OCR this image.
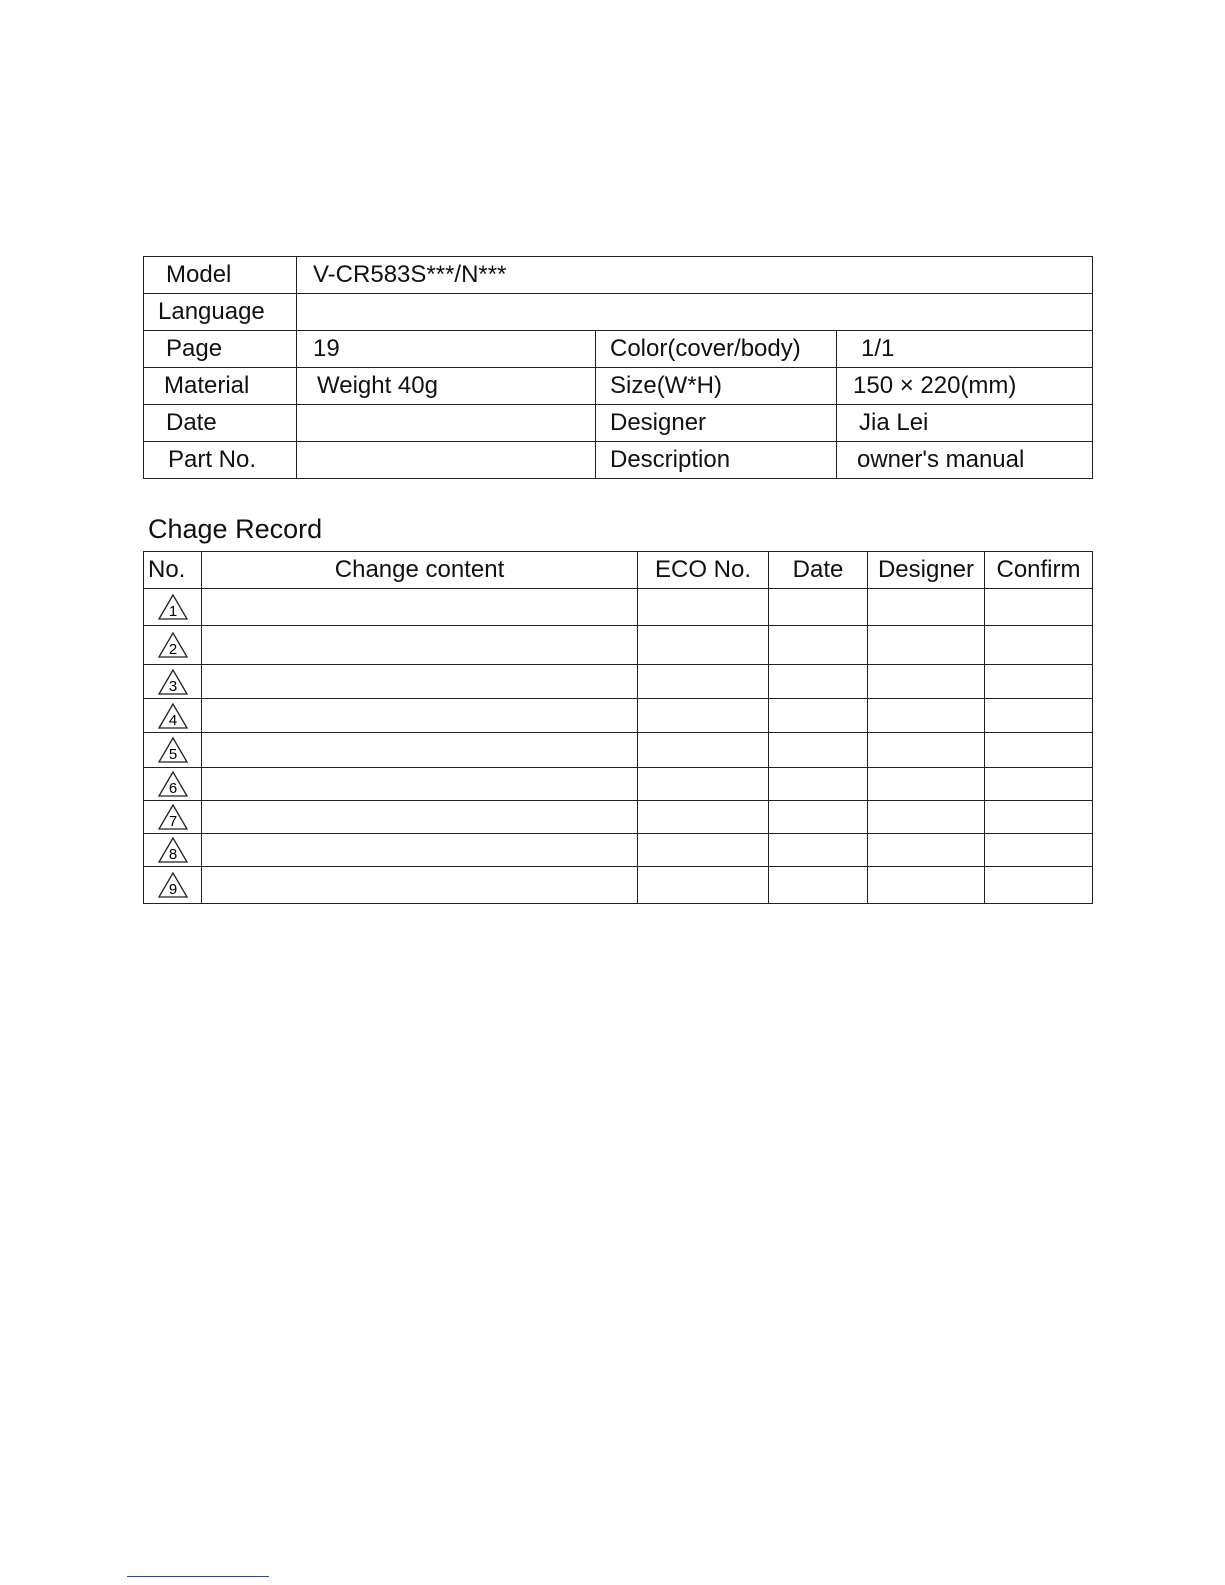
Model	V-CR583S***/N***		
Language			
Page	19	Color(cover/body)	1/1
Material	Weight 40g	Size(W*H)	150 × 220(mm)
Date		Designer	Jia Lei
Part No.		Description	owner's manual
Chage Record
No.	Change content	ECO No.	Date	Designer	Confirm

1					

2					

3					

4					

5					

6					

7					

8					

9					
